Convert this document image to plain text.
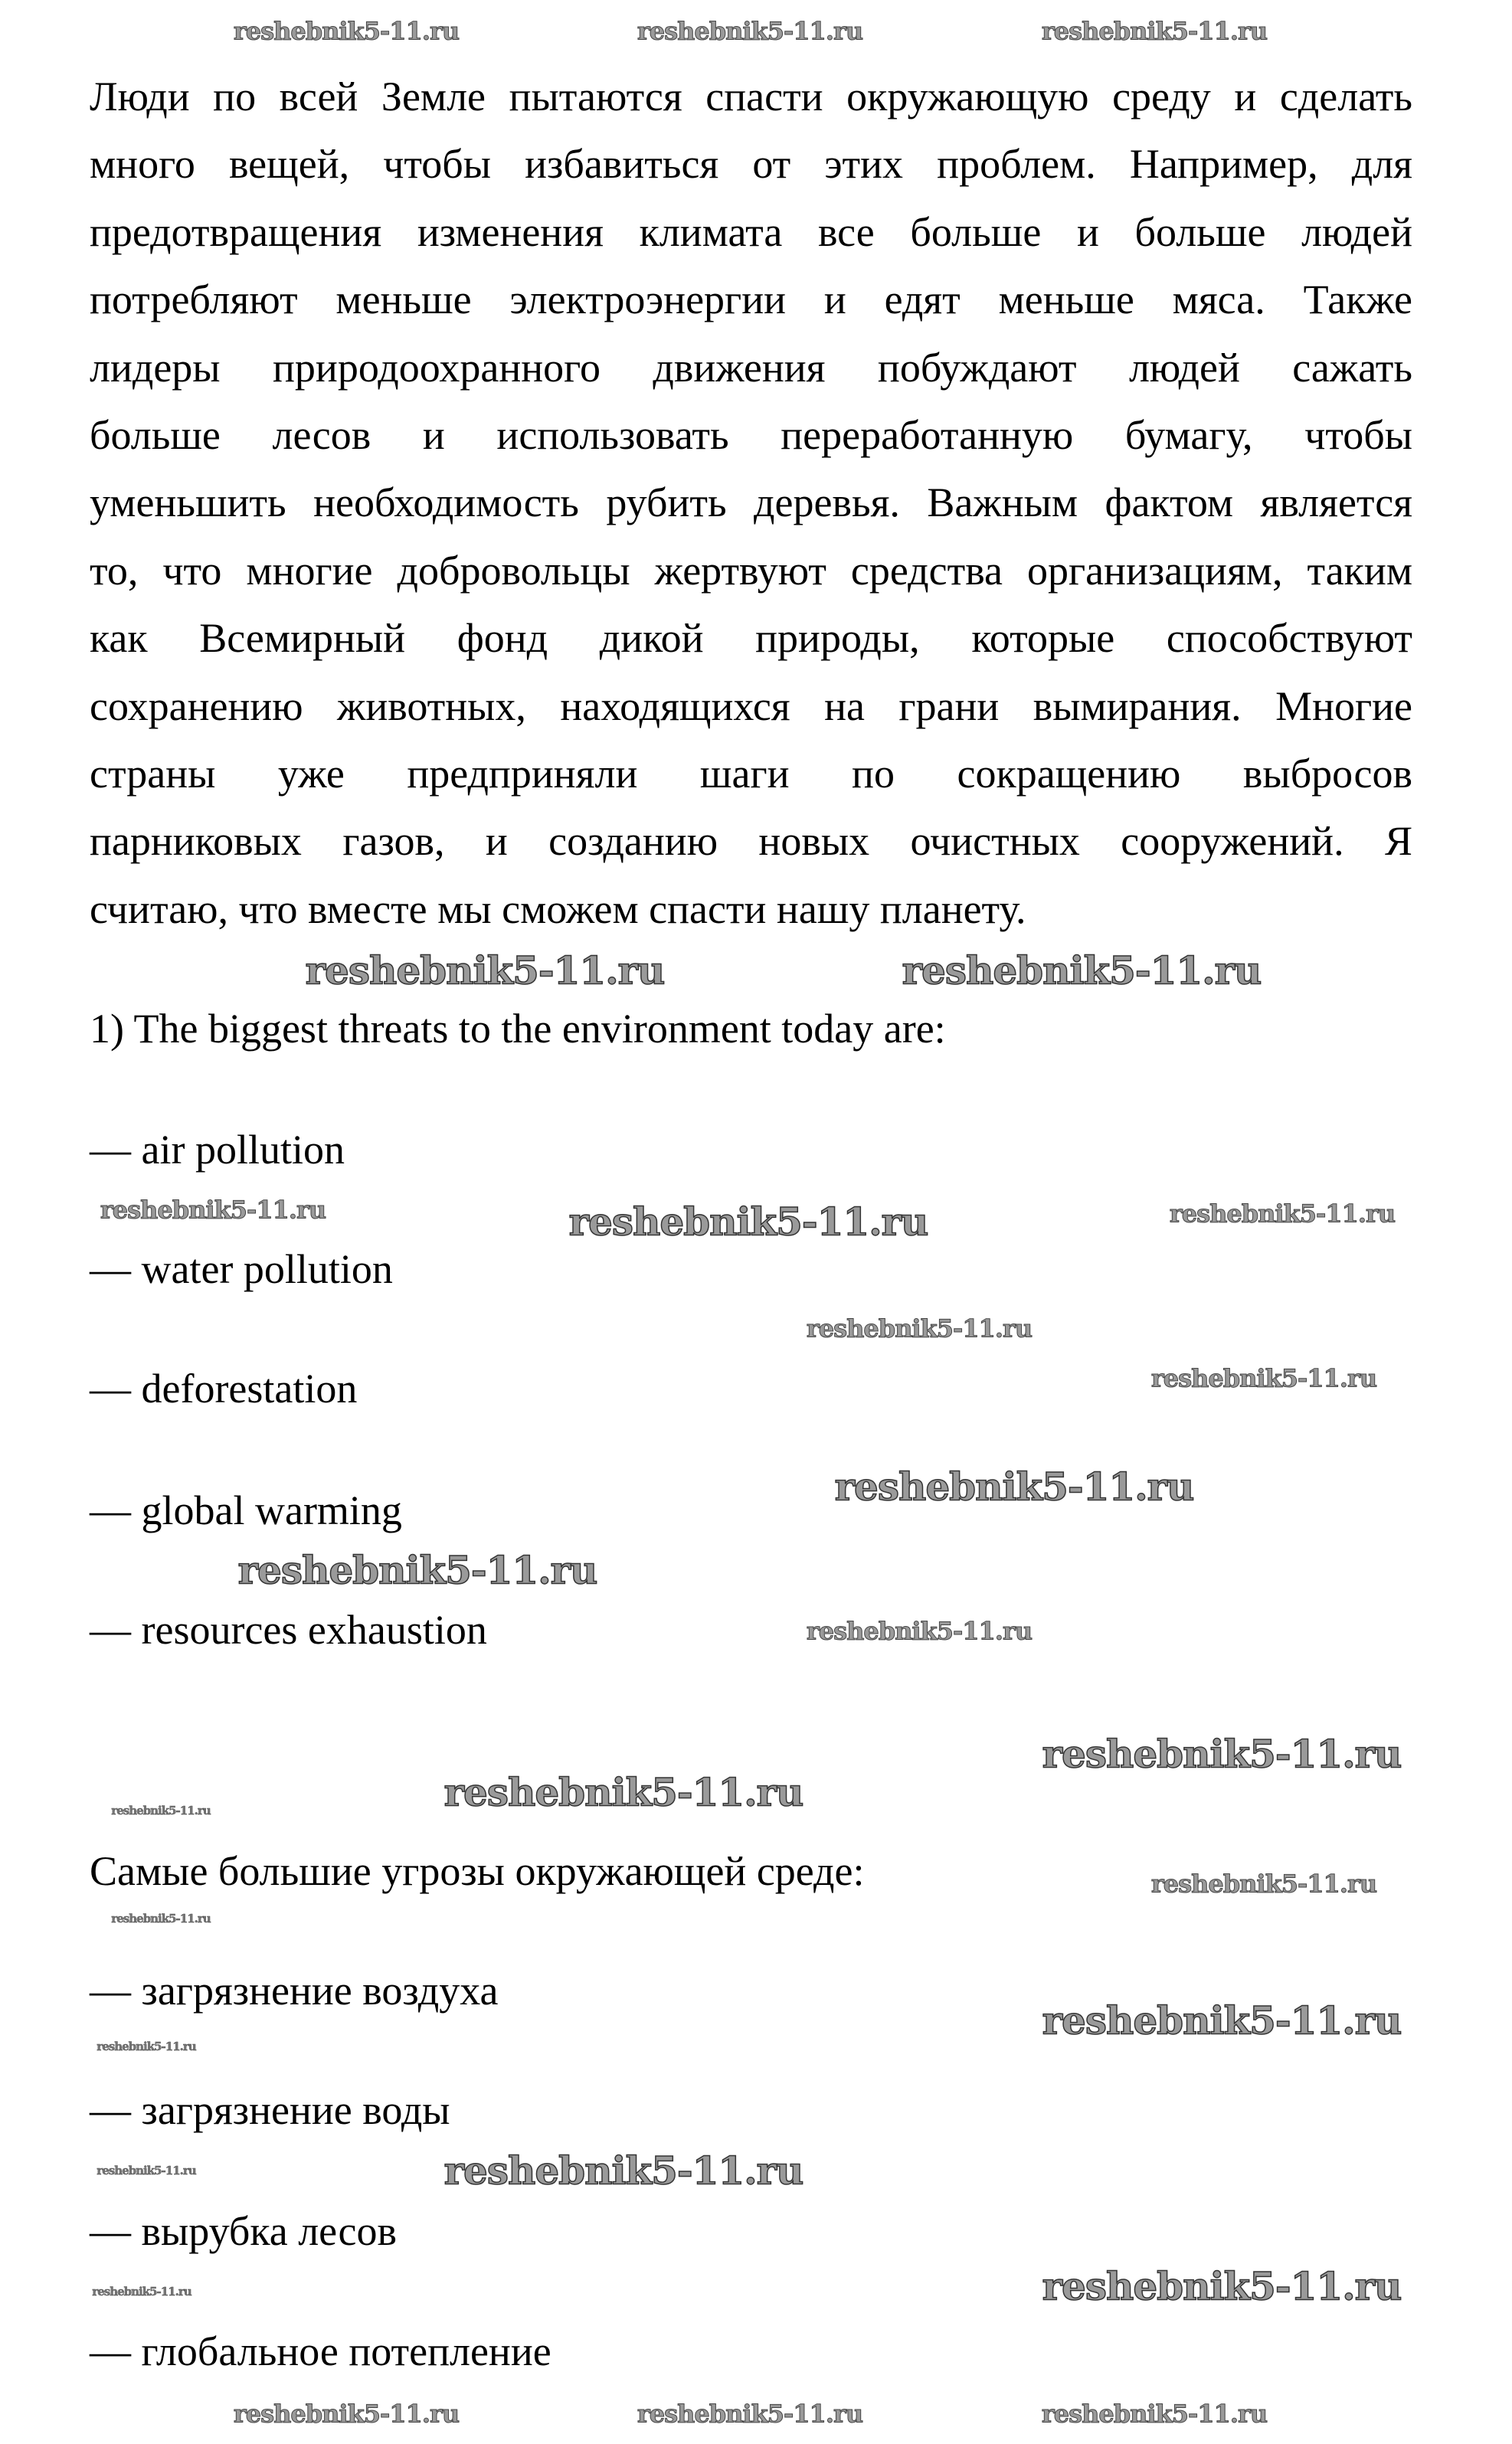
Люди по всей Земле пытаются спасти окружающую среду и сделать
много вещей, чтобы избавиться от этих проблем. Например, для
предотвращения изменения климата все больше и больше людей
потребляют меньше электроэнергии и едят меньше мяса. Также
лидеры природоохранного движения побуждают людей сажать
больше лесов и использовать переработанную бумагу, чтобы
уменьшить необходимость рубить деревья. Важным фактом является
то, что многие добровольцы жертвуют средства организациям, таким
как Всемирный фонд дикой природы, которые способствуют
сохранению животных, находящихся на грани вымирания. Многие
страны уже предприняли шаги по сокращению выбросов
парниковых газов, и созданию новых очистных сооружений. Я
считаю, что вместе мы сможем спасти нашу планету.
1) The biggest threats to the environment today are:
— air pollution
— water pollution
— deforestation
— global warming
— resources exhaustion
Самые большие угрозы окружающей среде:
— загрязнение воздуха
— загрязнение воды
— вырубка лесов
— глобальное потепление
reshebnik5-11.ru	reshebnik5-11.ru	reshebnik5-11.ru
reshebnik5-11.ru	reshebnik5-11.ru	reshebnik5-11.ru
reshebnik5-11.ru
reshebnik5-11.ru
reshebnik5-11.ru
reshebnik5-11.ru	reshebnik5-11.ru
reshebnik5-11.ru
reshebnik5-11.ru	reshebnik5-11.ru
reshebnik5-11.ru
reshebnik5-11.ru
reshebnik5-11.ru
reshebnik5-11.ru
reshebnik5-11.ru
reshebnik5-11.ru
reshebnik5-11.ru
reshebnik5-11.ru
reshebnik5-11.ru
reshebnik5-11.ru
reshebnik5-11.ru
reshebnik5-11.ru
reshebnik5-11.ru
